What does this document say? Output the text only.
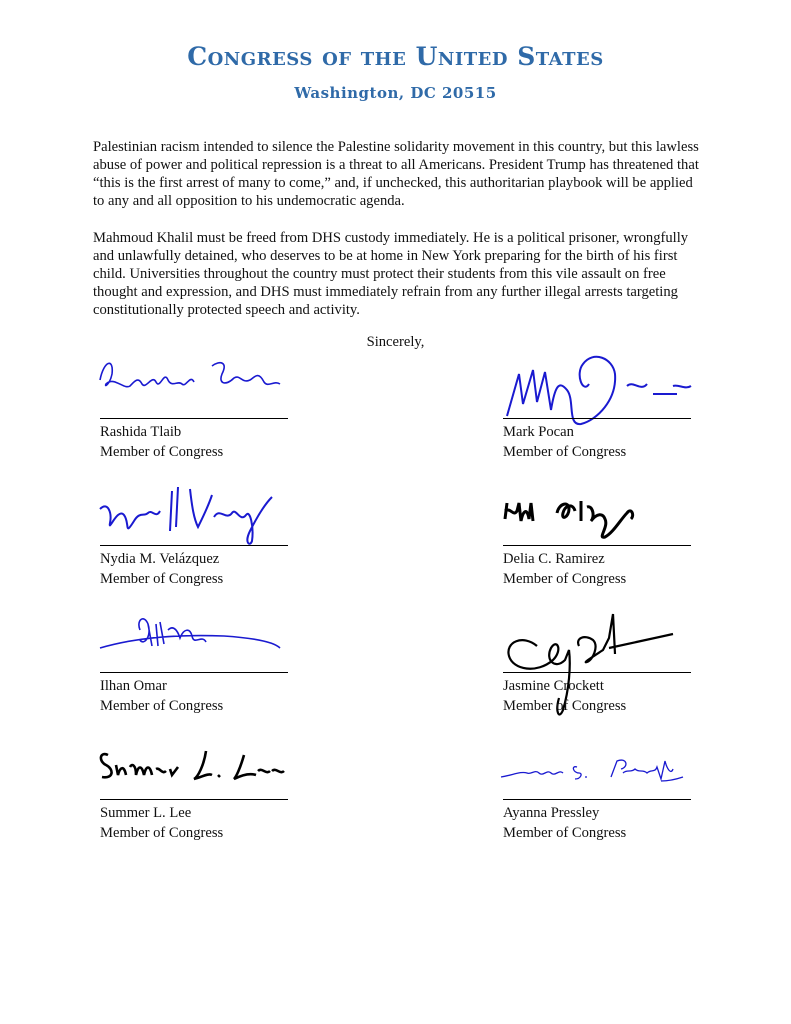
Congress of the United States
Washington, DC 20515
Palestinian racism intended to silence the Palestine solidarity movement in this country, but this lawless abuse of power and political repression is a threat to all Americans. President Trump has threatened that “this is the first arrest of many to come,” and, if unchecked, this authoritarian playbook will be applied to any and all opposition to his undemocratic agenda.
Mahmoud Khalil must be freed from DHS custody immediately. He is a political prisoner, wrongfully and unlawfully detained, who deserves to be at home in New York preparing for the birth of his first child. Universities throughout the country must protect their students from this vile assault on free thought and expression, and DHS must immediately refrain from any further illegal arrests targeting constitutionally protected speech and activity.
Sincerely,
Rashida Tlaib
Member of Congress
Mark Pocan
Member of Congress
Nydia M. Velázquez
Member of Congress
Delia C. Ramirez
Member of Congress
Ilhan Omar
Member of Congress
Jasmine Crockett
Member of Congress
Summer L. Lee
Member of Congress
Ayanna Pressley
Member of Congress
